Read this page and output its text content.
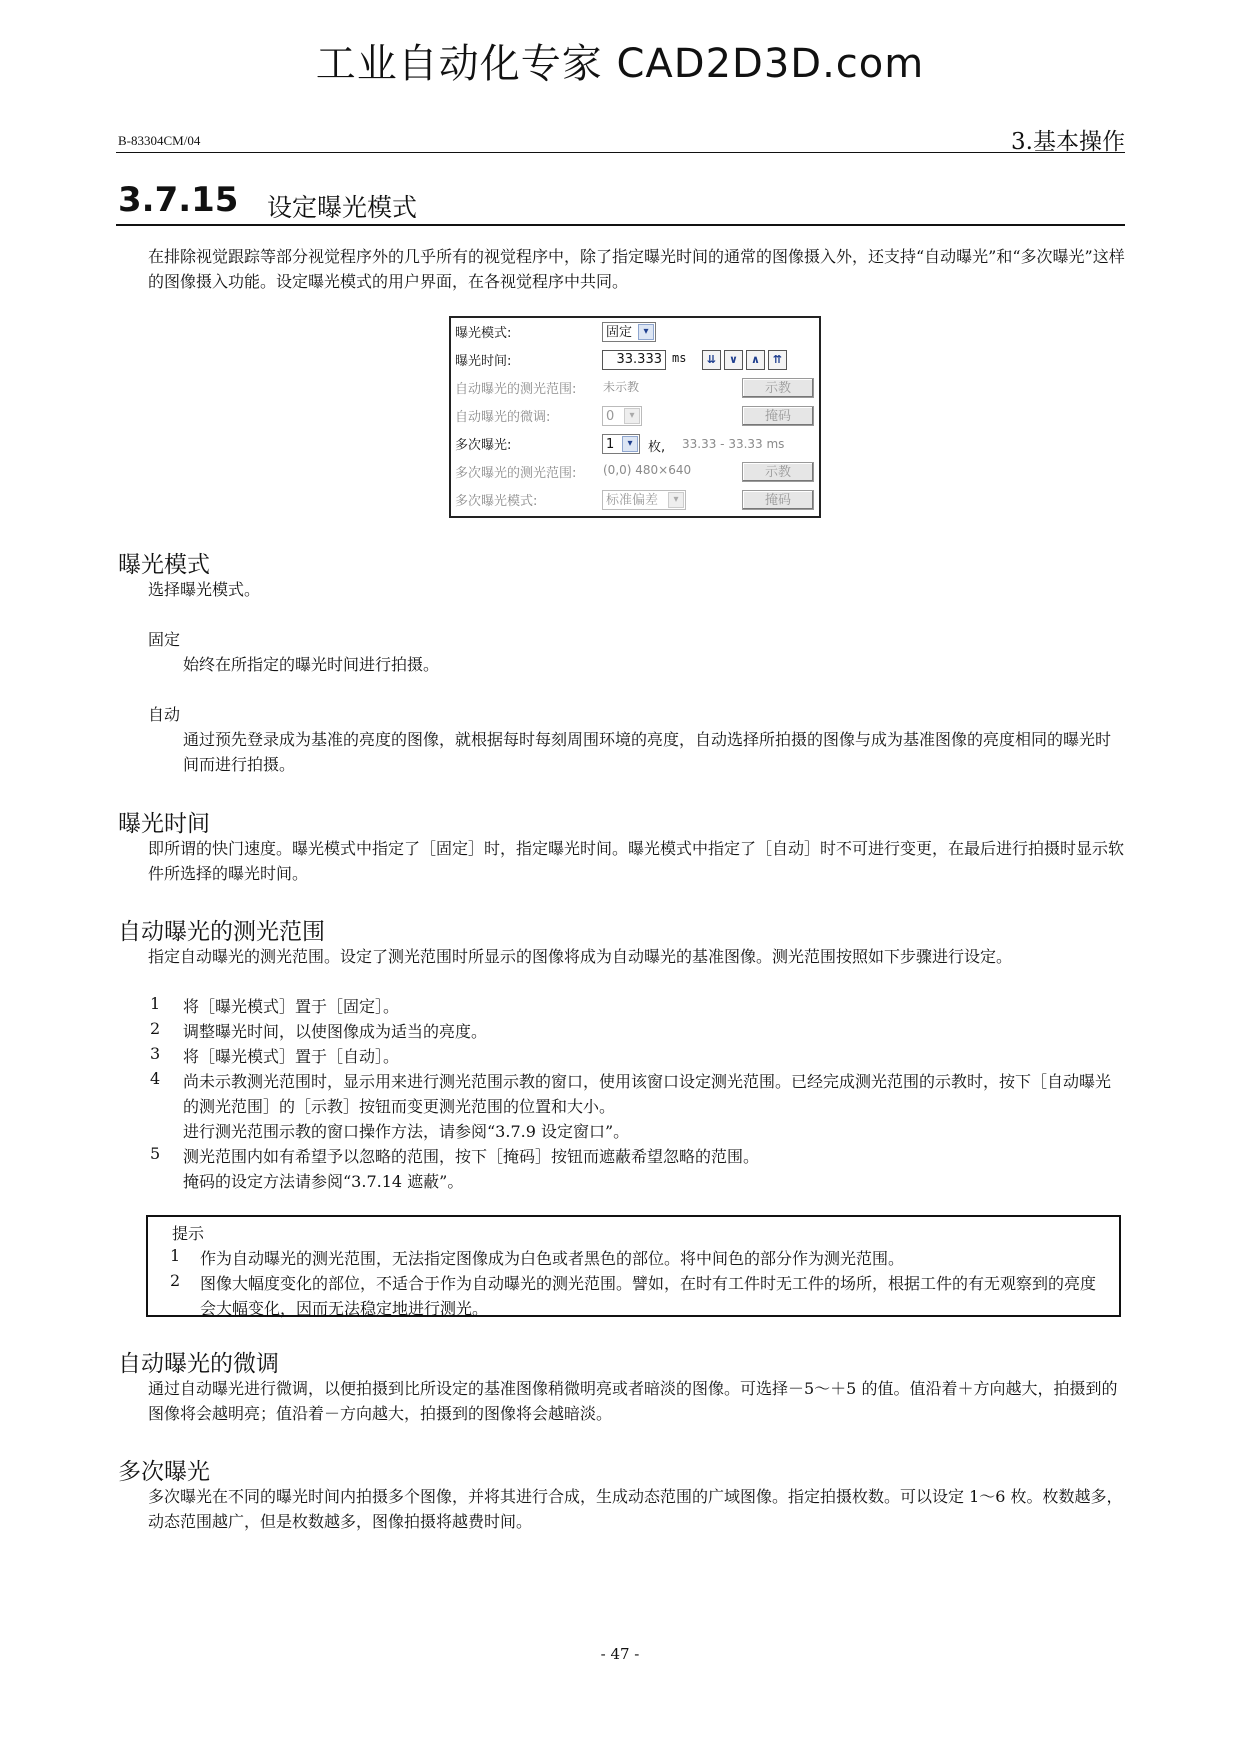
工业自动化专家 CAD2D3D.com
B-83304CM/04	3.基本操作
3.7.15 设定曝光模式
在排除视觉跟踪等部分视觉程序外的几乎所有的视觉程序中，除了指定曝光时间的通常的图像摄入外，还支持“自动曝光”和“多次曝光”这样的图像摄入功能。设定曝光模式的用户界面，在各视觉程序中共同。
曝光模式:	固定	▾
曝光时间:	33.333 ms	⇊	∨	∧	⇈
自动曝光的测光范围: 未示教	示教
自动曝光的微调:	0	▾	掩码
多次曝光:	1	▾	枚, 33.33 - 33.33 ms
多次曝光的测光范围: (0,0) 480×640	示教
多次曝光模式:	标准偏差	▾	掩码
曝光模式
选择曝光模式。
固定
始终在所指定的曝光时间进行拍摄。
自动
通过预先登录成为基准的亮度的图像，就根据每时每刻周围环境的亮度，自动选择所拍摄的图像与成为基准图像的亮度相同的曝光时间而进行拍摄。
曝光时间
即所谓的快门速度。曝光模式中指定了［固定］时，指定曝光时间。曝光模式中指定了［自动］时不可进行变更，在最后进行拍摄时显示软件所选择的曝光时间。
自动曝光的测光范围
指定自动曝光的测光范围。设定了测光范围时所显示的图像将成为自动曝光的基准图像。测光范围按照如下步骤进行设定。
1 将［曝光模式］置于［固定］。
2 调整曝光时间，以使图像成为适当的亮度。
3 将［曝光模式］置于［自动］。
4 尚未示教测光范围时，显示用来进行测光范围示教的窗口，使用该窗口设定测光范围。已经完成测光范围的示教时，按下［自动曝光的测光范围］的［示教］按钮而变更测光范围的位置和大小。
进行测光范围示教的窗口操作方法，请参阅“3.7.9 设定窗口”。
5 测光范围内如有希望予以忽略的范围，按下［掩码］按钮而遮蔽希望忽略的范围。
掩码的设定方法请参阅“3.7.14 遮蔽”。
提示
1 作为自动曝光的测光范围，无法指定图像成为白色或者黑色的部位。将中间色的部分作为测光范围。
2 图像大幅度变化的部位，不适合于作为自动曝光的测光范围。譬如，在时有工件时无工件的场所，根据工件的有无观察到的亮度会大幅变化，因而无法稳定地进行测光。
自动曝光的微调
通过自动曝光进行微调，以便拍摄到比所设定的基准图像稍微明亮或者暗淡的图像。可选择－5～＋5 的值。值沿着＋方向越大，拍摄到的图像将会越明亮；值沿着－方向越大，拍摄到的图像将会越暗淡。
多次曝光
多次曝光在不同的曝光时间内拍摄多个图像，并将其进行合成，生成动态范围的广域图像。指定拍摄枚数。可以设定 1～6 枚。枚数越多，动态范围越广，但是枚数越多，图像拍摄将越费时间。
- 47 -
